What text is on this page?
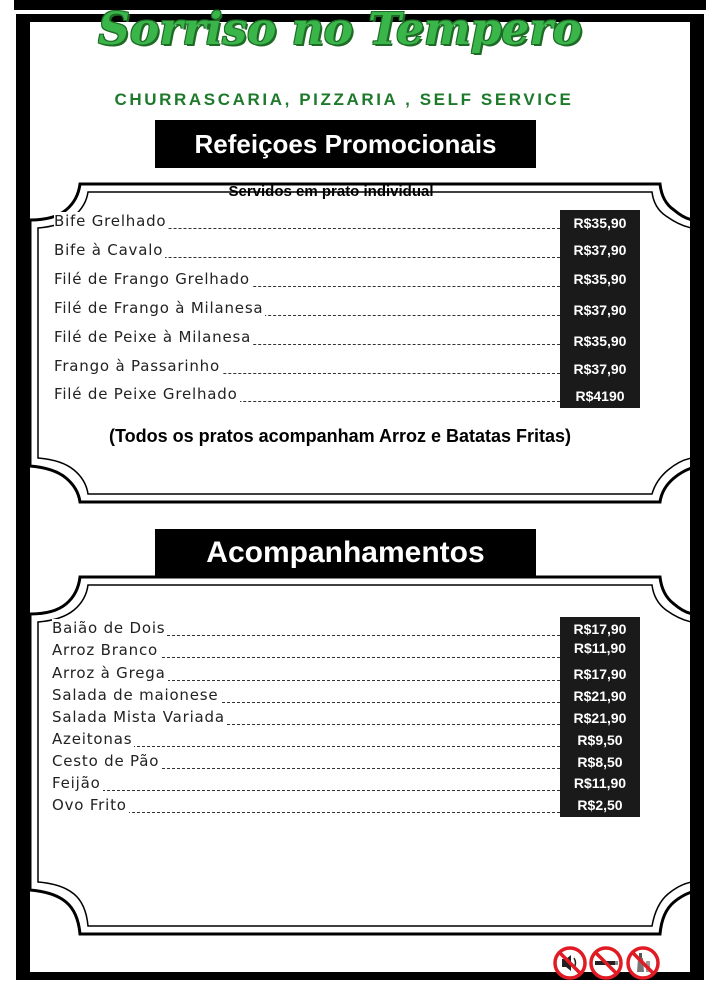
Sorriso no Tempero
CHURRASCARIA, PIZZARIA , SELF SERVICE
Refeiçoes Promocionais
Servidos em prato individual
Bife Grelhado	R$35,90
Bife à Cavalo	R$37,90
Filé de Frango Grelhado	R$35,90
Filé de Frango à Milanesa	R$37,90
Filé de Peixe à Milanesa	R$35,90
Frango à Passarinho	R$37,90
Filé de Peixe Grelhado	R$4190
(Todos os pratos acompanham Arroz e Batatas Fritas)
Acompanhamentos
Baião de Dois	R$17,90
Arroz Branco	R$11,90
Arroz à Grega	R$17,90
Salada de maionese	R$21,90
Salada Mista Variada	R$21,90
Azeitonas	R$9,50
Cesto de Pão	R$8,50
Feijão	R$11,90
Ovo Frito	R$2,50
